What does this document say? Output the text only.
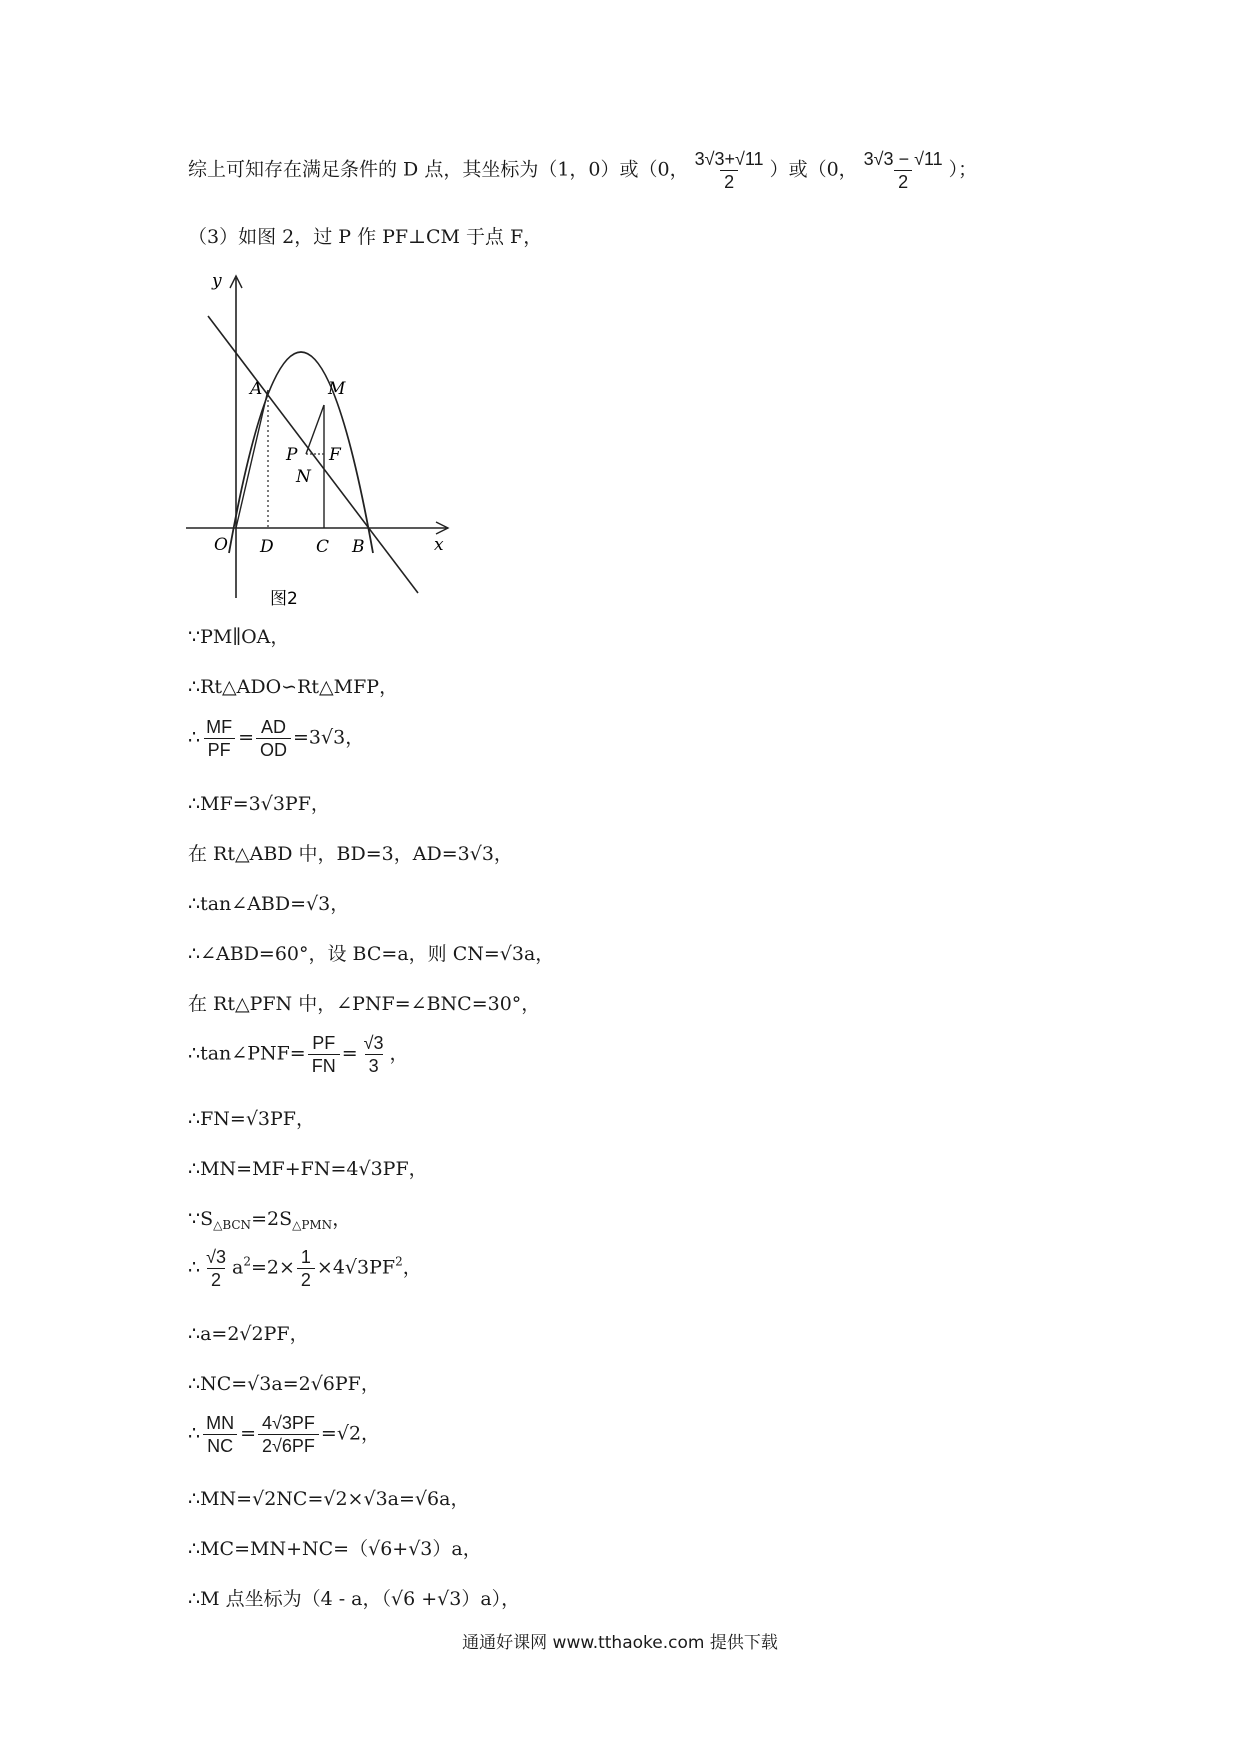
综上可知存在满足条件的 D 点，其坐标为（1，0）或（0， $\frac{3√3+√11}{2}$ ）或（0， $\frac{3√3 - √11}{2}$ ）；
（3）如图 2，过 P 作 PF⊥CM 于点 F，
y
x
O
A	M
P F
N
D C B
图2
∵PM∥OA，
∴Rt△ADO∽Rt△MFP，
∴ $\frac{MF}{PF} = \frac{AD}{OD} =3√3$，
∴MF=3√3PF，
在 Rt△ABD 中，BD=3，AD=3√3，
∴tan∠ABD=√3，
∴∠ABD=60°，设 BC=a，则 CN=√3a，
在 Rt△PFN 中，∠PNF=∠BNC=30°，
∴tan∠PNF= $\frac{PF}{FN} = \frac{√3}{3}$ ，
∴FN=√3PF，
∴MN=MF+FN=4√3PF，
$\because S_{\triangle BCN}=2S_{\triangle PMN}$，
∴ $\frac{√3}{2} a^2=2\times \frac{1}{2} \times 4√3PF^2$，
∴a=2√2PF，
∴NC=√3a=2√6PF，
∴ $\frac{MN}{NC} = \frac{4√3PF}{2√6PF} =√2$，
∴MN=√2NC=√2×√3a=√6a，
∴MC=MN+NC=（√6+√3）a，
∴M 点坐标为（4 - a，（√6 +√3）a），
通通好课网 www.tthaoke.com 提供下载
